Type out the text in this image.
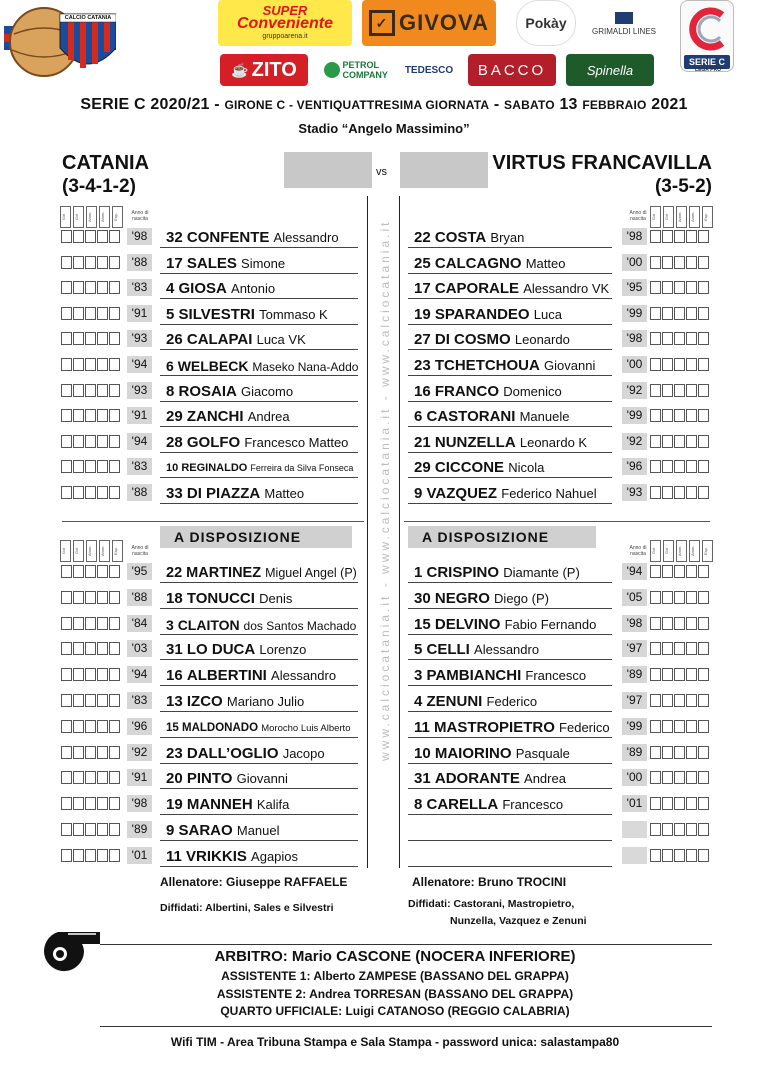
CALCIO CATANIA
SUPER
Conveniente
gruppoarena.it
✓ GIVOVA	Pokày
GRIMALDI LINES
SERIE C
LEGA PRO
☕ ZITO	PETROL COMPANY TEDESCO BACCO	Spinella
SERIE C 2020/21 - GIRONE C - VENTIQUATTRESIMA GIORNATA - SABATO 13 FEBBRAIO 2021
Stadio “Angelo Massimino”
CATANIA
(3-4-1-2)
vs	VIRTUS FRANCAVILLA
(3-5-2)
www.calciocatania.it - www.calciocatania.it - www.calciocatania.it
Gol	Gol	Amm.	Amm.	Esp.	Anno di nascita
Anno di nascita	Gol	Gol	Amm.	Amm.	Esp.
A DISPOSIZIONE	A DISPOSIZIONE
Gol	Gol	Amm.	Amm.	Esp.	Anno di nascita
Anno di nascita	Gol	Gol	Amm.	Amm.	Esp.
'98	32 CONFENTE Alessandro
'88	17 SALES Simone
'83	4 GIOSA Antonio
'91	5 SILVESTRI Tommaso K
'93	26 CALAPAI Luca VK
'94	6 WELBECK Maseko Nana-Addo
'93	8 ROSAIA Giacomo
'91	29 ZANCHI Andrea
'94	28 GOLFO Francesco Matteo
'83	10 REGINALDO Ferreira da Silva Fonseca
'88	33 DI PIAZZA Matteo
'95	22 MARTINEZ Miguel Angel (P)
'88	18 TONUCCI Denis
'84	3 CLAITON dos Santos Machado
'03	31 LO DUCA Lorenzo
'94	16 ALBERTINI Alessandro
'83	13 IZCO Mariano Julio
'96	15 MALDONADO Morocho Luis Alberto
'92	23 DALL’OGLIO Jacopo
'91	20 PINTO Giovanni
'98	19 MANNEH Kalifa
'89	9 SARAO Manuel
'01	11 VRIKKIS Agapios
22 COSTA Bryan	'98
25 CALCAGNO Matteo	'00
17 CAPORALE Alessandro VK	'95
19 SPARANDEO Luca	'99
27 DI COSMO Leonardo	'98
23 TCHETCHOUA Giovanni	'00
16 FRANCO Domenico	'92
6 CASTORANI Manuele	'99
21 NUNZELLA Leonardo K	'92
29 CICCONE Nicola	'96
9 VAZQUEZ Federico Nahuel	'93
1 CRISPINO Diamante (P)	'94
30 NEGRO Diego (P)	'05
15 DELVINO Fabio Fernando	'98
5 CELLI Alessandro	'97
3 PAMBIANCHI Francesco	'89
4 ZENUNI Federico	'97
11 MASTROPIETRO Federico	'99
10 MAIORINO Pasquale	'89
31 ADORANTE Andrea	'00
8 CARELLA Francesco	'01
Allenatore: Giuseppe RAFFAELE
Diffidati: Albertini, Sales e Silvestri
Allenatore: Bruno TROCINI
Diffidati: Castorani, Mastropietro,
Nunzella, Vazquez e Zenuni
ARBITRO: Mario CASCONE (NOCERA INFERIORE)
ASSISTENTE 1: Alberto ZAMPESE (BASSANO DEL GRAPPA)
ASSISTENTE 2: Andrea TORRESAN (BASSANO DEL GRAPPA)
QUARTO UFFICIALE: Luigi CATANOSO (REGGIO CALABRIA)
Wifi TIM - Area Tribuna Stampa e Sala Stampa - password unica: salastampa80
